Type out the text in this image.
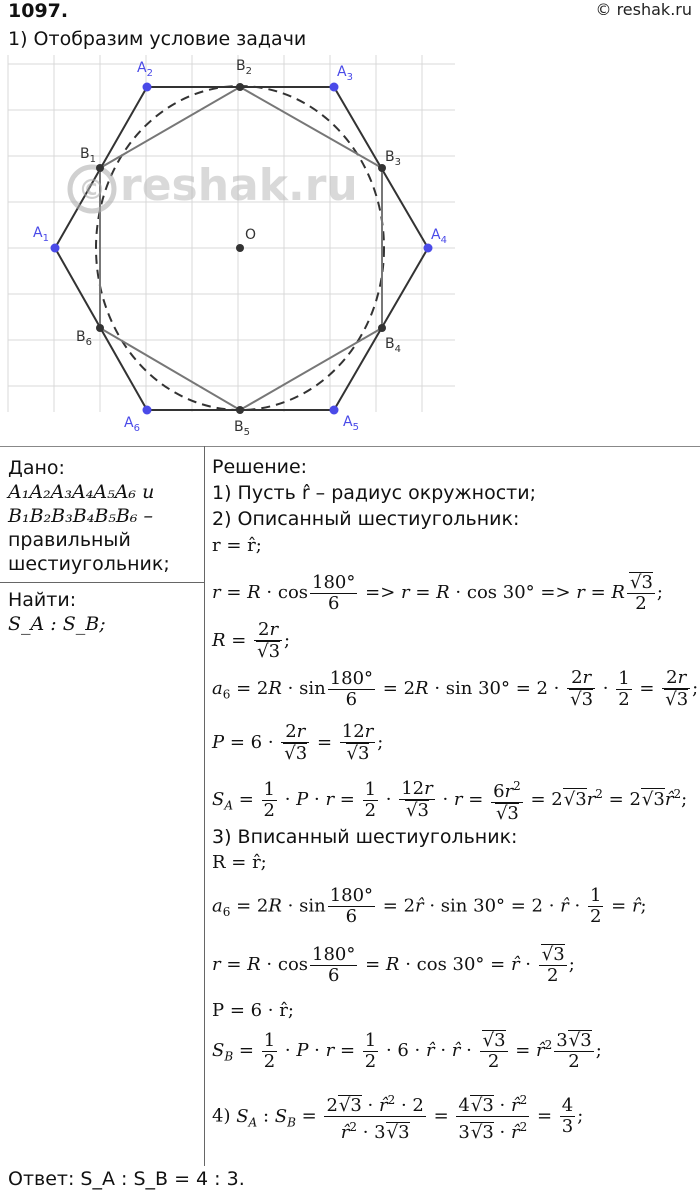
1097.	© reshak.ru
1) Отобразим условие задачи
© reshak.ru
$A_2$	$A_3$
$A_4$
$A_5$
$A_6$
$A_1$
$B_2$
$B_3$
$B_4$
$B_5$
$B_6$
$B_1$
O
Дано:
A₁A₂A₃A₄A₅A₆ и
B₁B₂B₃B₄B₅B₆ –
правильный
шестиугольник;
Найти:
S_A : S_B;
Решение:
1) Пусть r̂ – радиус окружности;
2) Описанный шестиугольник:
r = r̂;
$r = R \cdot \cos \frac{180^\circ}{6} => r = R \cdot \cos 30^\circ => r = R$
√ $\frac{3}{2}$ ;
R = 2r
√ 3 ;
$a_6 = 2R \cdot \sin \frac{180^\circ}{6} = 2R \cdot \sin 30^\circ = 2 \cdot 2r$
√ $3 \cdot \frac{1}{2} = 2r$
√ 3 ;
P = 6 · 2r
√ 3 = 12r
√ 3 ;
$S_A = \frac{1}{2} \cdot P \cdot r = \frac{1}{2} \cdot 12r$
√ $3 \cdot r = 6r^2$
√ 3 = 2√ $3r^2 = 2√$ 3r̂$^2$;
3) Вписанный шестиугольник:
R = r̂;
$a_6 = 2R \cdot \sin \frac{180^\circ}{6}$ = 2r̂ · sin 30° = 2 · r̂ · $\frac{1}{2}$ = r̂;
$r = R \cdot \cos \frac{180^\circ}{6} = R \cdot \cos 30^\circ$ = r̂ ·
√ $\frac{3}{2}$ ;
P = 6 · r̂;
$S_B = \frac{1}{2} \cdot P \cdot r = \frac{1}{2} \cdot 6$ · r̂ · r̂ ·
√ $\frac{3}{2}$ = r̂$^2$ $\frac{3√ 3}{2}$ ;
4) $S_A$ : $S_B = \frac{2√ 3 \cdot r̂^2 \cdot 2}{r̂^2 \cdot 3√ 3} = \frac{4√ 3 \cdot r̂^2}{3√ 3 \cdot r̂^2} = \frac{4}{3}$ ;
Ответ: S_A : S_B = 4 : 3.
